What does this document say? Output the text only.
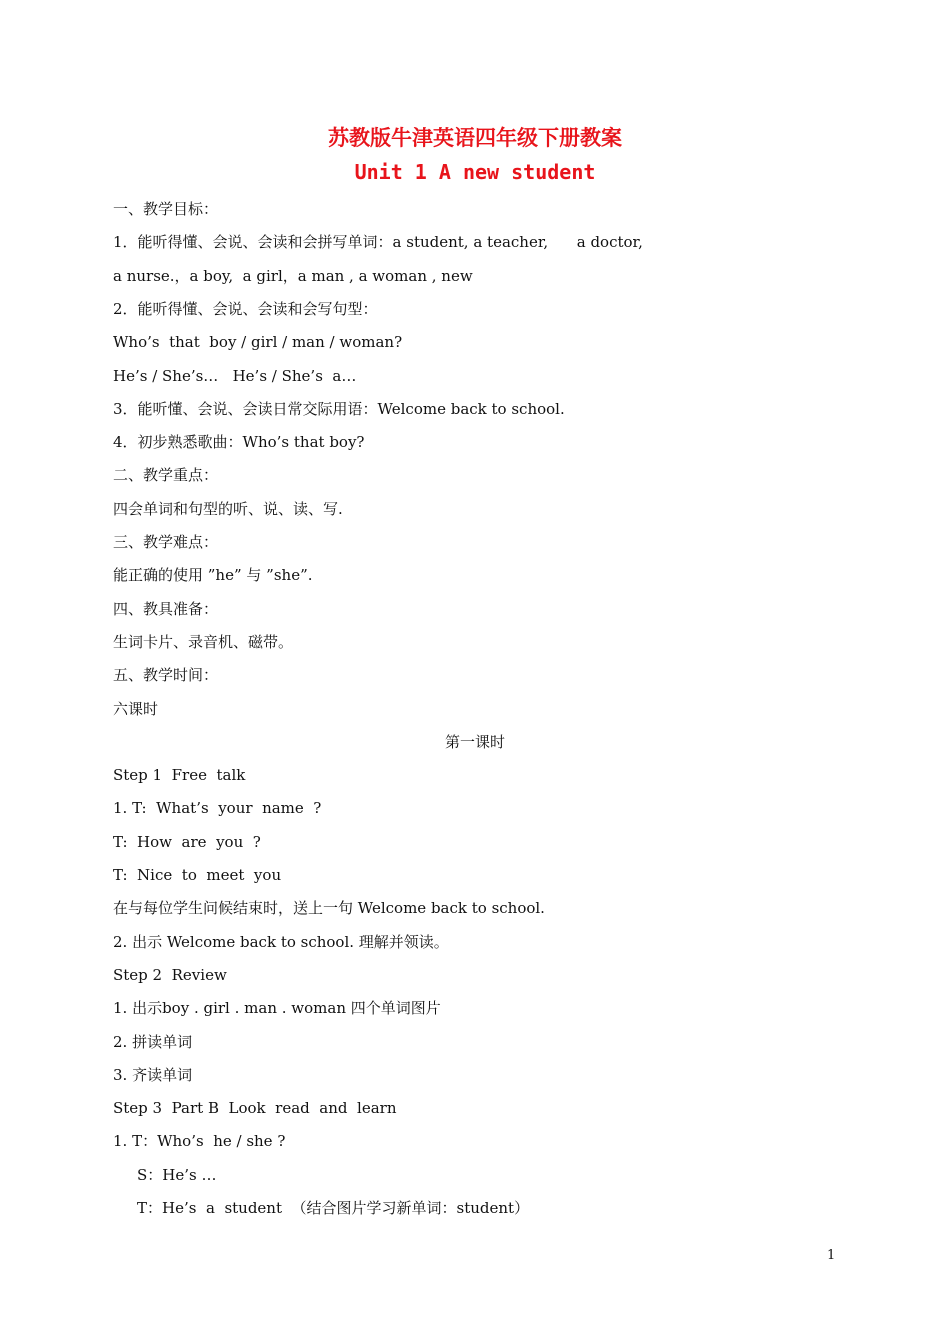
苏教版牛津英语四年级下册教案
Unit 1 A new student
一、教学目标：
1．能听得懂、会说、会读和会拼写单词：a student, a teacher,      a doctor,
a nurse.，a boy,  a girl，a man , a woman , new
2．能听得懂、会说、会读和会写句型：
Who’s  that  boy / girl / man / woman?
He’s / She’s…   He’s / She’s  a…
3．能听懂、会说、会读日常交际用语：Welcome back to school.
4．初步熟悉歌曲：Who’s that boy?
二、教学重点：
四会单词和句型的听、说、读、写.
三、教学难点：
能正确的使用 ”he” 与 ”she”.
四、教具准备：
生词卡片、录音机、磁带。
五、教学时间：
六课时
第一课时
Step 1  Free  talk
1. T:  What’s  your  name  ?
T:  How  are  you  ?
T:  Nice  to  meet  you
在与每位学生问候结束时，送上一句 Welcome back to school.
2. 出示 Welcome back to school. 理解并领读。
Step 2  Review
1. 出示boy . girl . man . woman 四个单词图片
2. 拼读单词
3. 齐读单词
Step 3  Part B  Look  read  and  learn
1. T：Who’s  he / she ?
S：He’s …
T：He’s  a  student  （结合图片学习新单词：student）
1
